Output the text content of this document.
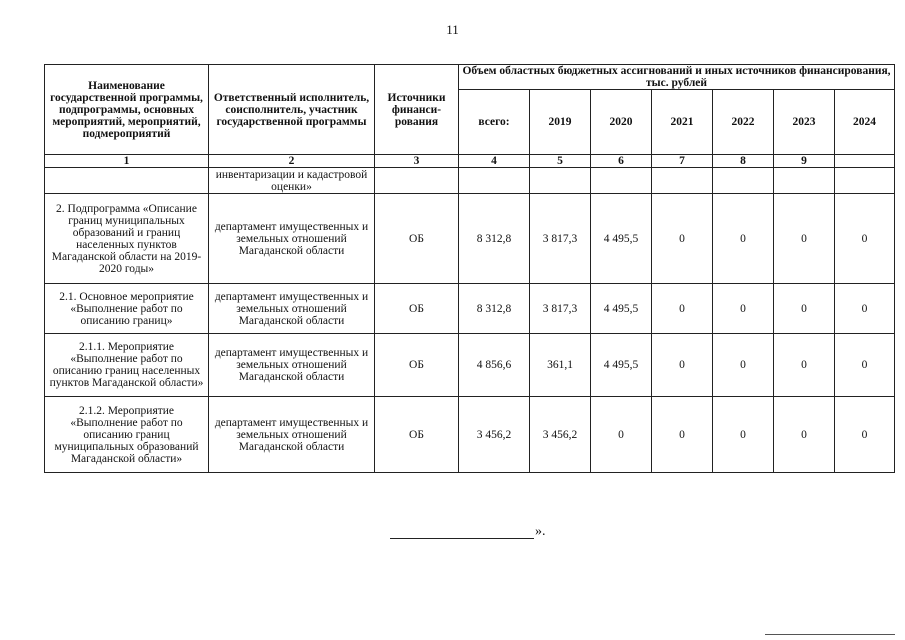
11
Наименование государственной программы, подпрограммы, основных мероприятий, мероприятий, подмероприятий	Ответственный исполнитель, соисполнитель, участник государственной программы	Источники финанси-рования	Объем областных бюджетных ассигнований и иных источников финансирования, тыс. рублей						
			всего:	2019	2020	2021	2022	2023	2024
1	2	3	4	5	6	7	8	9	
	инвентаризации и кадастровой оценки»								
2. Подпрограмма «Описание границ муниципальных образований и границ населенных пунктов Магаданской области на 2019-2020 годы»	департамент имущественных и земельных отношений Магаданской области	ОБ	8 312,8	3 817,3	4 495,5	0	0	0	0
2.1. Основное мероприятие «Выполнение работ по описанию границ»	департамент имущественных и земельных отношений Магаданской области	ОБ	8 312,8	3 817,3	4 495,5	0	0	0	0
2.1.1. Мероприятие «Выполнение работ по описанию границ населенных пунктов Магаданской области»	департамент имущественных и земельных отношений Магаданской области	ОБ	4 856,6	361,1	4 495,5	0	0	0	0
2.1.2. Мероприятие «Выполнение работ по описанию границ муниципальных образований Магаданской области»	департамент имущественных и земельных отношений Магаданской области	ОБ	3 456,2	3 456,2	0	0	0	0	0
».
